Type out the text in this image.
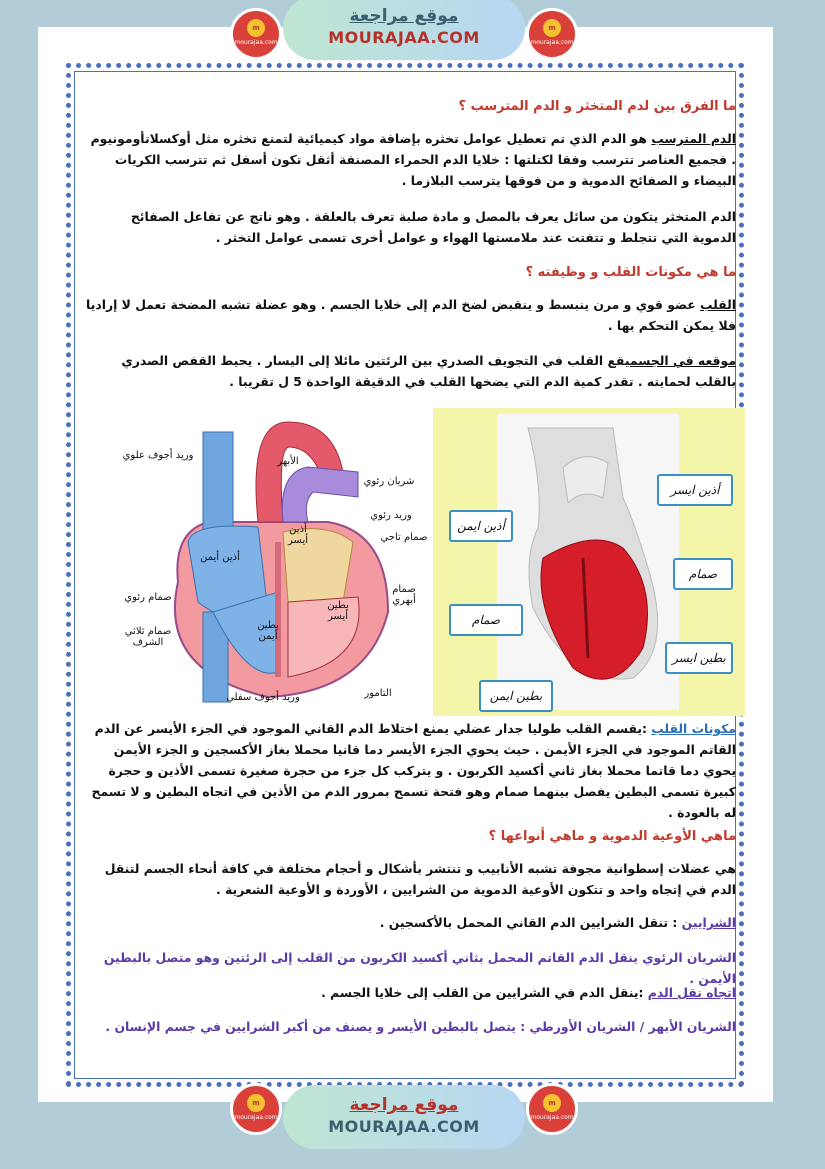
m
mourajaa.com
موقع مراجعة
MOURAJAA.COM	m
mourajaa.com
m
mourajaa.com
موقع مراجعة
MOURAJAA.COM
m
mourajaa.com

ما الفرق بين لدم المتخثر و الدم المترسب ؟

الدم المترسب هو الدم الذي تم تعطيل عوامل تخثره بإضافة مواد كيميائية لتمنع تخثره مثل أوكسلاتأومونيوم . فجميع العناصر تترسب وفقا لكتلتها : خلايا الدم الحمراء المصنفة أثقل تكون أسفل ثم تترسب الكريات البيضاء و الصفائح الدموية و من فوقها يترسب البلازما .

الدم المتخثر يتكون من سائل يعرف بالمصل و مادة صلبة تعرف بالعلقة . وهو ناتج عن تفاعل الصفائح الدموية التي تتجلط و تتفتت عند ملامستها الهواء و عوامل أخرى تسمى عوامل التخثر .

ما هي مكونات القلب و وظيفته ؟

القلب عضو قوي و مرن ينبسط و ينقبض لضخ الدم إلى خلايا الجسم . وهو عضلة تشبه المضخة تعمل لا إراديا فلا يمكن التحكم بها .

موقعه في الجسميقع القلب في التجويف الصدري بين الرئتين مائلا إلى اليسار . يحيط القفص الصدري بالقلب لحمايته . تقدر كمية الدم التي يضخها القلب في الدقيقة الواحدة 5 ل تقريبا .

مكونات القلب :يقسم القلب طوليا جدار عضلي يمنع اختلاط الدم القاني الموجود في الجزء الأيسر عن الدم القاتم الموجود في الجزء الأيمن . حيث يحوي الجزء الأيسر دما قانيا محملا بغاز الأكسجين و الجزء الأيمن يحوي دما قاتما محملا بغاز ثاني أكسيد الكربون . و يتركب كل جزء من حجرة صغيرة تسمى الأذين و حجرة كبيرة تسمى البطين يفصل بينهما صمام وهو فتحة تسمح بمرور الدم من الأذين في اتجاه البطين و لا تسمح له بالعودة .

ماهي الأوعية الدموية و ماهي أنواعها ؟

هي عضلات إسطوانية مجوفة تشبه الأنابيب و تنتشر بأشكال و أحجام مختلفة في كافة أنحاء الجسم لتنقل الدم في إتجاه واحد و تتكون الأوعية الدموية من الشرايين ، الأوردة و الأوعية الشعرية .

الشرايين : تنقل الشرايين الدم القاني المحمل بالأكسجين .

الشريان الرئوي ينقل الدم القاتم المحمل بثاني أكسيد الكربون من القلب إلى الرئتين وهو متصل بالبطين الأيمن .

اتجاه نقل الدم :ينقل الدم في الشرايين من القلب إلى خلايا الجسم .

الشريان الأبهر / الشريان الأورطي : يتصل بالبطين الأيسر و يصنف من أكبر الشرايين في جسم الإنسان .

وريد أجوف علوي
الأبهر
شريان رئوي
وريد رئوي
أذين أيسر
أذين أيمن
صمام تاجي
صمام أبهري
بطين أيسر
صمام رئوي
بطين أيمن
صمام ثلاثي الشرف
وريد أجوف سفلي	التامور
أذين ايسر
أذين ايمن
صمام
صمام
بطين ايسر
بطين ايمن
